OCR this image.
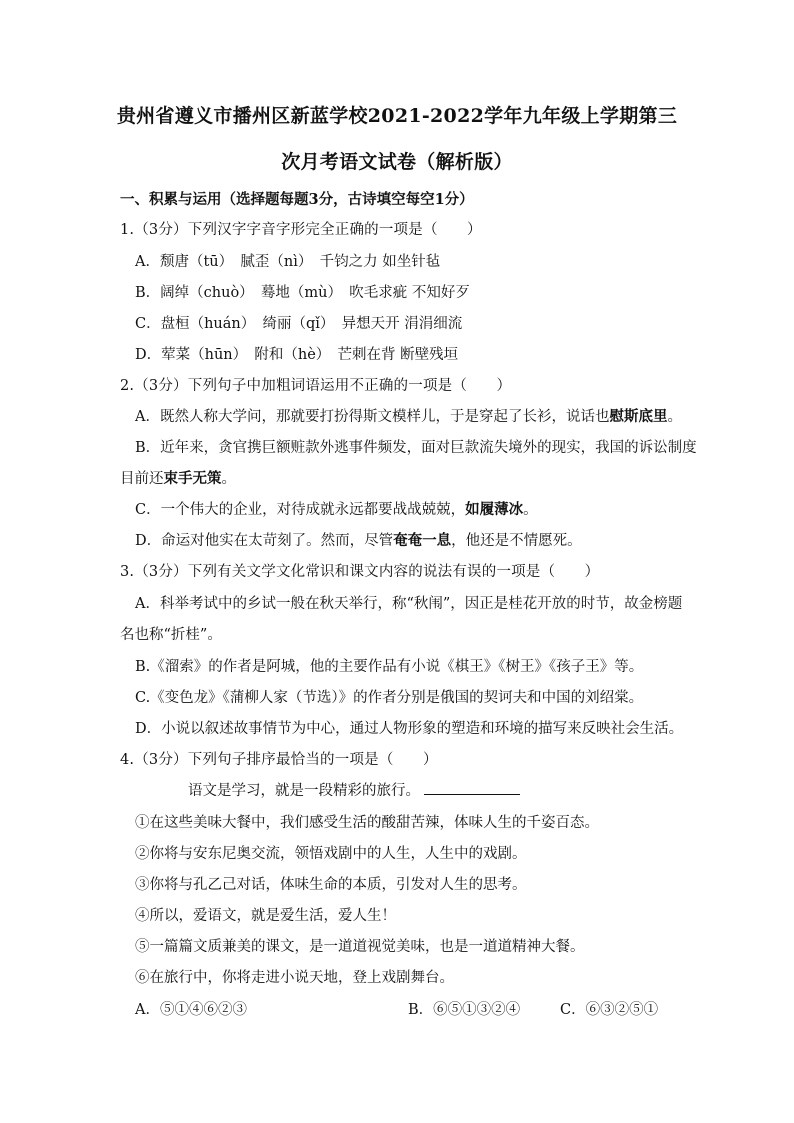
贵州省遵义市播州区新蓝学校2021-2022学年九年级上学期第三
次月考语文试卷（解析版）
一、积累与运用（选择题每题3分，古诗填空每空1分）
1.（3分）下列汉字字音字形完全正确的一项是（　　）
A．颓唐（tū）　腻歪（nì）　千钧之力 如坐针毡
B．阔绰（chuò）　蓦地（mù）　吹毛求疵 不知好歹
C．盘桓（huán）　绮丽（qǐ）　异想天开 涓涓细流
D．荤菜（hūn）　附和（hè）　芒刺在背 断壁残垣
2.（3分）下列句子中加粗词语运用不正确的一项是（　　）
A．既然人称大学问，那就要打扮得斯文模样儿，于是穿起了长衫，说话也慰斯底里。
B．近年来，贪官携巨额赃款外逃事件频发，面对巨款流失境外的现实，我国的诉讼制度
目前还束手无策。
C．一个伟大的企业，对待成就永远都要战战兢兢，如履薄冰。
D．命运对他实在太苛刻了。然而，尽管奄奄一息，他还是不情愿死。
3.（3分）下列有关文学文化常识和课文内容的说法有误的一项是（　　）
A．科举考试中的乡试一般在秋天举行，称“秋闱”，因正是桂花开放的时节，故金榜题
名也称“折桂”。
B.《溜索》的作者是阿城，他的主要作品有小说《棋王》《树王》《孩子王》等。
C.《变色龙》《蒲柳人家（节选）》的作者分别是俄国的契诃夫和中国的刘绍棠。
D．小说以叙述故事情节为中心，通过人物形象的塑造和环境的描写来反映社会生活。
4.（3分）下列句子排序最恰当的一项是（　　）
语文是学习，就是一段精彩的旅行。
①在这些美味大餐中，我们感受生活的酸甜苦辣，体味人生的千姿百态。
②你将与安东尼奥交流，领悟戏剧中的人生，人生中的戏剧。
③你将与孔乙己对话，体味生命的本质，引发对人生的思考。
④所以，爱语文，就是爱生活，爱人生！
⑤一篇篇文质兼美的课文，是一道道视觉美味，也是一道道精神大餐。
⑥在旅行中，你将走进小说天地，登上戏剧舞台。
A．⑤①④⑥②③	B．⑥⑤①③②④	C．⑥③②⑤①
